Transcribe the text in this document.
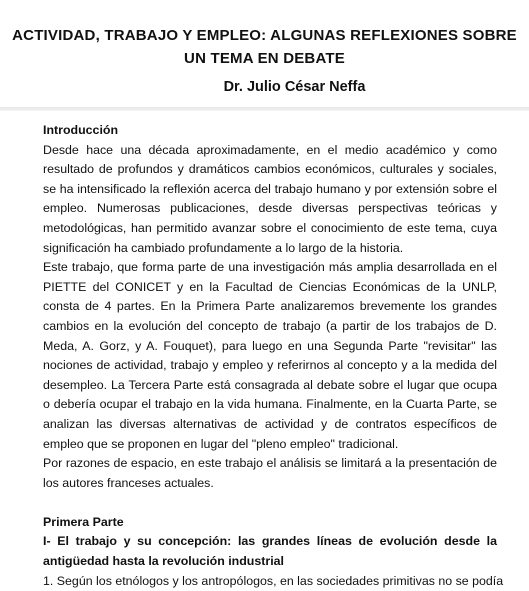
ACTIVIDAD, TRABAJO Y EMPLEO: ALGUNAS REFLEXIONES SOBRE
UN TEMA EN DEBATE
Dr. Julio César Neffa
Introducción

Desde hace una década aproximadamente, en el medio académico y como resultado de profundos y dramáticos cambios económicos, culturales y sociales, se ha intensificado la reflexión acerca del trabajo humano y por extensión sobre el empleo. Numerosas publicaciones, desde diversas perspectivas teóricas y metodológicas, han permitido avanzar sobre el conocimiento de este tema, cuya significación ha cambiado profundamente a lo largo de la historia.

Este trabajo, que forma parte de una investigación más amplia desarrollada en el PIETTE del CONICET y en la Facultad de Ciencias Económicas de la UNLP, consta de 4 partes. En la Primera Parte analizaremos brevemente los grandes cambios en la evolución del concepto de trabajo (a partir de los trabajos de D. Meda, A. Gorz, y A. Fouquet), para luego en una Segunda Parte "revisitar" las nociones de actividad, trabajo y empleo y referirnos al concepto y a la medida del desempleo. La Tercera Parte está consagrada al debate sobre el lugar que ocupa o debería ocupar el trabajo en la vida humana. Finalmente, en la Cuarta Parte, se analizan las diversas alternativas de actividad y de contratos específicos de empleo que se proponen en lugar del "pleno empleo" tradicional.

Por razones de espacio, en este trabajo el análisis se limitará a la presentación de los autores franceses actuales.

Primera Parte
I- El trabajo y su concepción: las grandes líneas de evolución desde la antigüedad hasta la revolución industrial
1. Según los etnólogos y los antropólogos, en las sociedades primitivas no se podía
